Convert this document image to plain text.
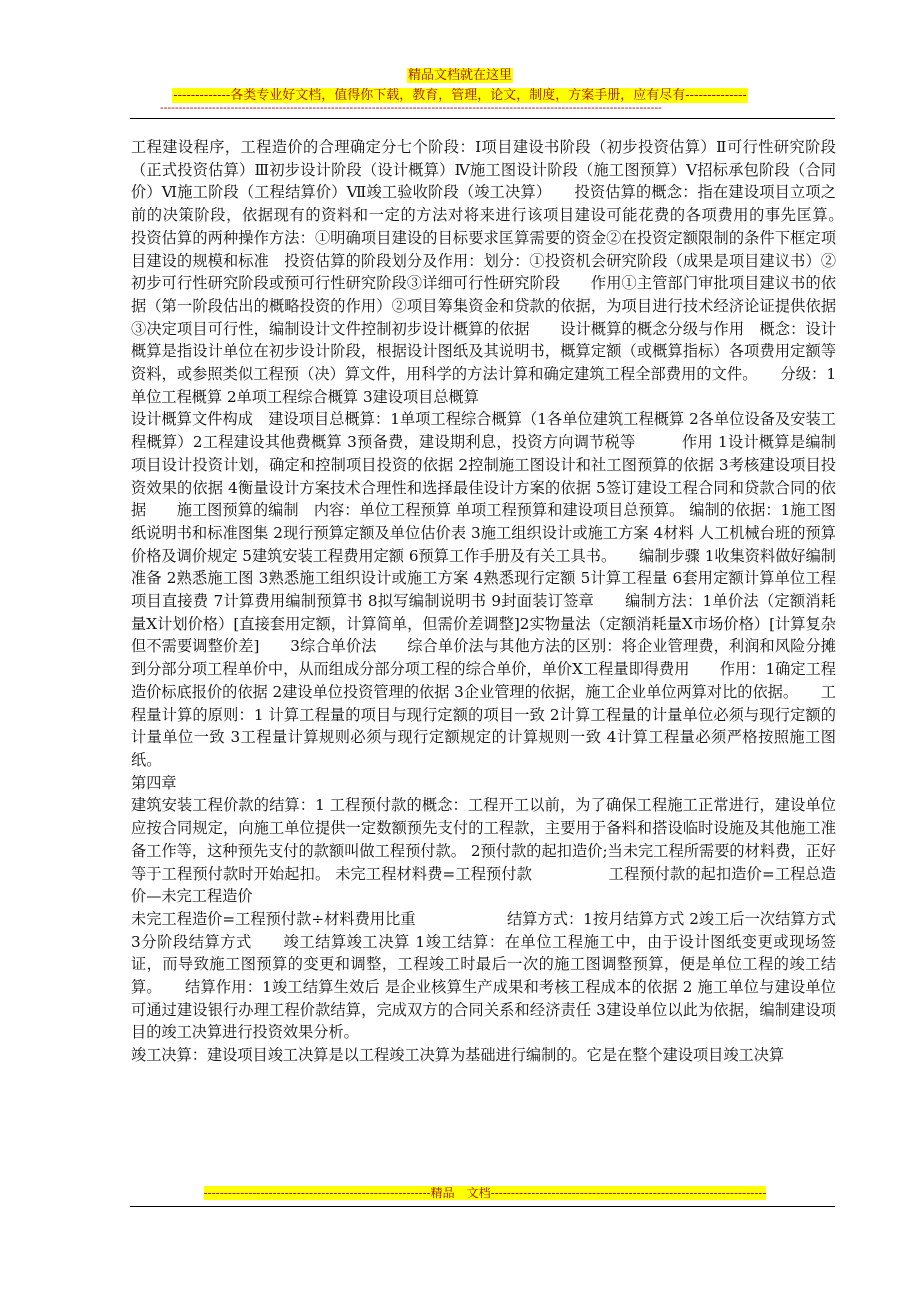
精品文档就在这里
-------------各类专业好文档，值得你下载，教育，管理，论文，制度，方案手册，应有尽有--------------
---------------------------------------------------------------------------------------------------------------------------------------

工程建设程序，工程造价的合理确定分七个阶段：Ⅰ项目建设书阶段（初步投资估算）Ⅱ可行性研究阶段（正式投资估算）Ⅲ初步设计阶段（设计概算）Ⅳ施工图设计阶段（施工图预算）Ⅴ招标承包阶段（合同价）Ⅵ施工阶段（工程结算价）Ⅶ竣工验收阶段（竣工决算）　　投资估算的概念：指在建设项目立项之前的决策阶段，依据现有的资料和一定的方法对将来进行该项目建设可能花费的各项费用的事先匡算。　　投资估算的两种操作方法：①明确项目建设的目标要求匡算需要的资金②在投资定额限制的条件下框定项目建设的规模和标准　投资估算的阶段划分及作用：划分：①投资机会研究阶段（成果是项目建议书）②初步可行性研究阶段或预可行性研究阶段③详细可行性研究阶段　　作用①主管部门审批项目建议书的依据（第一阶段估出的概略投资的作用）②项目筹集资金和贷款的依据，为项目进行技术经济论证提供依据③决定项目可行性，编制设计文件控制初步设计概算的依据　　设计概算的概念分级与作用　概念：设计概算是指设计单位在初步设计阶段，根据设计图纸及其说明书，概算定额（或概算指标）各项费用定额等资料，或参照类似工程预（决）算文件，用科学的方法计算和确定建筑工程全部费用的文件。　　分级：1单位工程概算 2单项工程综合概算 3建设项目总概算

设计概算文件构成　建设项目总概算：1单项工程综合概算（1各单位建筑工程概算 2各单位设备及安装工程概算）2工程建设其他费概算 3预备费，建设期利息，投资方向调节税等　　　作用 1设计概算是编制项目设计投资计划，确定和控制项目投资的依据 2控制施工图设计和社工图预算的依据 3考核建设项目投资效果的依据 4衡量设计方案技术合理性和选择最佳设计方案的依据 5签订建设工程合同和贷款合同的依据　　施工图预算的编制　内容：单位工程预算 单项工程预算和建设项目总预算。 编制的依据：1施工图纸说明书和标准图集 2现行预算定额及单位估价表 3施工组织设计或施工方案 4材料 人工机械台班的预算价格及调价规定 5建筑安装工程费用定额 6预算工作手册及有关工具书。　　编制步骤 1收集资料做好编制准备 2熟悉施工图 3熟悉施工组织设计或施工方案 4熟悉现行定额 5计算工程量 6套用定额计算单位工程项目直接费 7计算费用编制预算书 8拟写编制说明书 9封面装订签章　　编制方法：1单价法（定额消耗量X计划价格）[直接套用定额，计算简单，但需价差调整]2实物量法（定额消耗量X市场价格）[计算复杂但不需要调整价差]　　3综合单价法　　综合单价法与其他方法的区别：将企业管理费，利润和风险分摊到分部分项工程单价中，从而组成分部分项工程的综合单价，单价X工程量即得费用　　作用：1确定工程造价标底报价的依据 2建设单位投资管理的依据 3企业管理的依据，施工企业单位两算对比的依据。　　工程量计算的原则：1 计算工程量的项目与现行定额的项目一致 2计算工程量的计量单位必须与现行定额的计量单位一致 3工程量计算规则必须与现行定额规定的计算规则一致 4计算工程量必须严格按照施工图纸。

第四章

建筑安装工程价款的结算：1 工程预付款的概念：工程开工以前，为了确保工程施工正常进行，建设单位应按合同规定，向施工单位提供一定数额预先支付的工程款，主要用于备料和搭设临时设施及其他施工准备工作等，这种预先支付的款额叫做工程预付款。 2预付款的起扣造价;当未完工程所需要的材料费，正好等于工程预付款时开始起扣。 未完工程材料费=工程预付款　　　　　工程预付款的起扣造价=工程总造价—未完工程造价

未完工程造价=工程预付款÷材料费用比重　　　　　　结算方式：1按月结算方式 2竣工后一次结算方式 3分阶段结算方式　　竣工结算竣工决算 1竣工结算：在单位工程施工中，由于设计图纸变更或现场签证，而导致施工图预算的变更和调整，工程竣工时最后一次的施工图调整预算，便是单位工程的竣工结算。　　结算作用：1竣工结算生效后 是企业核算生产成果和考核工程成本的依据 2 施工单位与建设单位可通过建设银行办理工程价款结算，完成双方的合同关系和经济责任 3建设单位以此为依据，编制建设项目的竣工决算进行投资效果分析。

竣工决算：建设项目竣工决算是以工程竣工决算为基础进行编制的。它是在整个建设项目竣工决算

--------------------------------------------------------精品　文档--------------------------------------------------------------------
